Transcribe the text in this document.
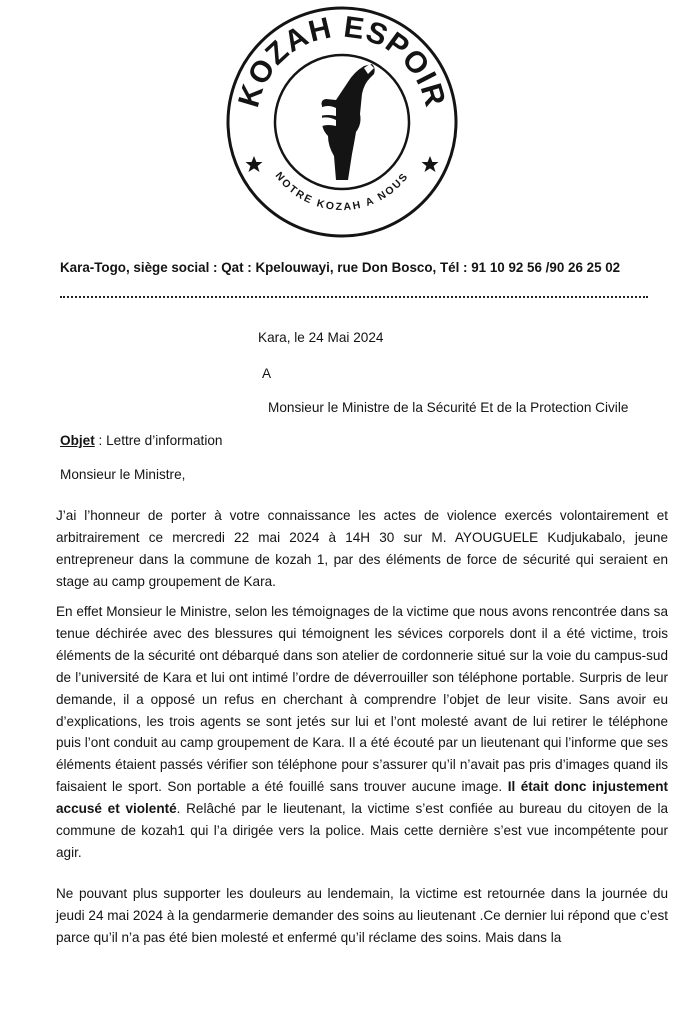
KOZAH ESPOIR
NOTRE KOZAH A NOUS
Kara-Togo, siège social : Qat : Kpelouwayi, rue Don Bosco, Tél : 91 10 92 56 /90 26 25 02
Kara, le 24 Mai 2024
A
Monsieur le Ministre de la Sécurité Et de la Protection Civile
Objet : Lettre d’information
Monsieur le Ministre,

J’ai l’honneur de porter à votre connaissance les actes de violence exercés volontairement et arbitrairement ce mercredi 22 mai 2024 à 14H 30 sur M. AYOUGUELE Kudjukabalo, jeune entrepreneur dans la commune de kozah 1, par des éléments de force de sécurité qui seraient en stage au camp groupement de Kara.

En effet Monsieur le Ministre, selon les témoignages de la victime que nous avons rencontrée dans sa tenue déchirée avec des blessures qui témoignent les sévices corporels dont il a été victime, trois éléments de la sécurité ont débarqué dans son atelier de cordonnerie situé sur la voie du campus-sud de l’université de Kara et lui ont intimé l’ordre de déverrouiller son téléphone portable. Surpris de leur demande, il a opposé un refus en cherchant à comprendre l’objet de leur visite. Sans avoir eu d’explications, les trois agents se sont jetés sur lui et l’ont molesté avant de lui retirer le téléphone puis l’ont conduit au camp groupement de Kara. Il a été écouté par un lieutenant qui l’informe que ses éléments étaient passés vérifier son téléphone pour s’assurer qu’il n’avait pas pris d’images quand ils faisaient le sport. Son portable a été fouillé sans trouver aucune image. Il était donc injustement accusé et violenté. Relâché par le lieutenant, la victime s’est confiée au bureau du citoyen de la commune de kozah1 qui l’a dirigée vers la police. Mais cette dernière s’est vue incompétente pour agir.

Ne pouvant plus supporter les douleurs au lendemain, la victime est retournée dans la journée du jeudi 24 mai 2024 à la gendarmerie demander des soins au lieutenant .Ce dernier lui répond que c’est parce qu’il n’a pas été bien molesté et enfermé qu’il réclame des soins. Mais dans la
